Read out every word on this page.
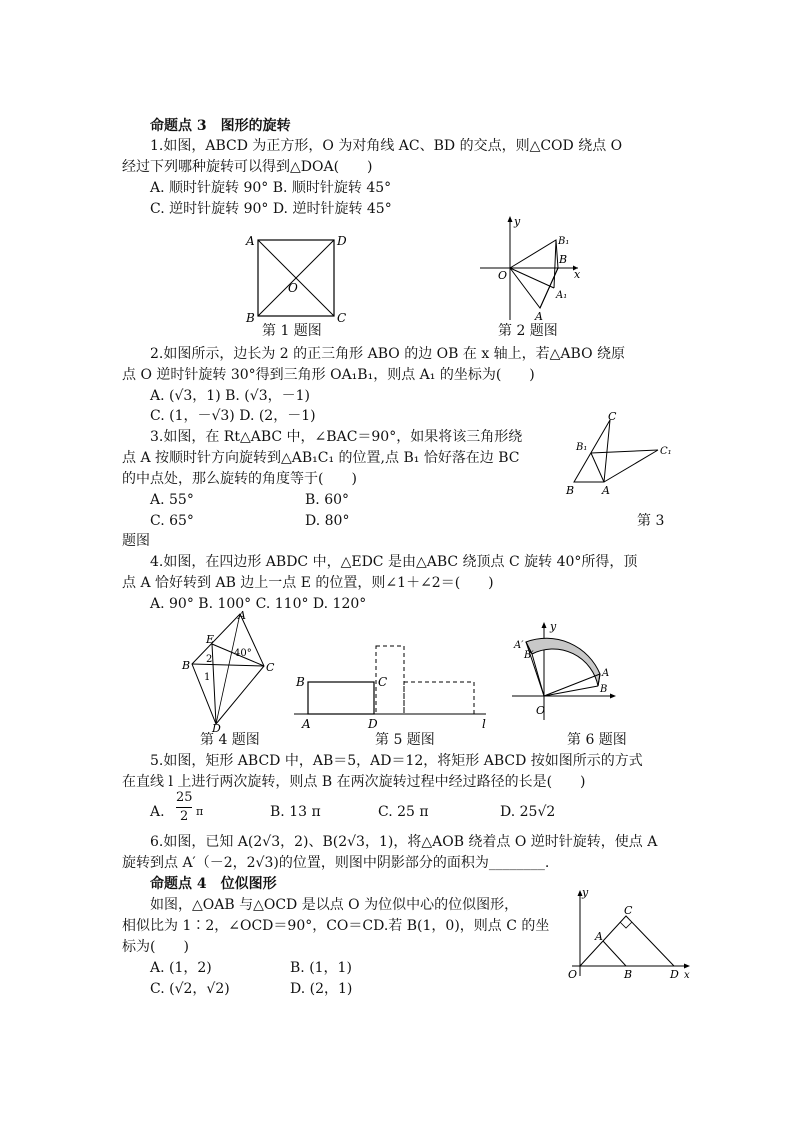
命题点 3　图形的旋转
1.如图，ABCD 为正方形，O 为对角线 AC、BD 的交点，则△COD 绕点 O
经过下列哪种旋转可以得到△DOA(　　)
A. 顺时针旋转 90° B. 顺时针旋转 45°
C. 逆时针旋转 90° D. 逆时针旋转 45°
A	D
O
B	C
第 1 题图
y
B₁
B
x
O
A₁
A
第 2 题图
2.如图所示，边长为 2 的正三角形 ABO 的边 OB 在 x 轴上，若△ABO 绕原
点 O 逆时针旋转 30°得到三角形 OA₁B₁，则点 A₁ 的坐标为(　　)
A. (√3，1) B. (√3，－1)
C. (1，－√3) D. (2，－1)
3.如图，在 Rt△ABC 中，∠BAC＝90°，如果将该三角形绕
点 A 按顺时针方向旋转到△AB₁C₁ 的位置,点 B₁ 恰好落在边 BC
的中点处，那么旋转的角度等于(　　)
A. 55°	B. 60°
C. 65°	D. 80°	第 3
题图
C
B₁	C₁
B	A
4.如图，在四边形 ABDC 中，△EDC 是由△ABC 绕顶点 C 旋转 40°所得，顶
点 A 恰好转到 AB 边上一点 E 的位置，则∠1＋∠2＝(　　)
A. 90° B. 100° C. 110° D. 120°
A
E
2
40°
B
1
C
D
第 4 题图
B	C
A	D	l
第 5 题图
y
A′
B′
A
B
O
第 6 题图
5.如图，矩形 ABCD 中，AB＝5，AD＝12，将矩形 ABCD 按如图所示的方式
在直线 l 上进行两次旋转，则点 B 在两次旋转过程中经过路径的长是(　　)
A.
25
2 π	B. 13 π	C. 25 π	D. 25√2
6.如图，已知 A(2√3，2)、B(2√3，1)，将△AOB 绕着点 O 逆时针旋转，使点 A
旋转到点 A′（－2，2√3)的位置，则图中阴影部分的面积为________.
命题点 4　位似图形
如图，△OAB 与△OCD 是以点 O 为位似中心的位似图形，
相似比为 1∶2，∠OCD＝90°，CO＝CD.若 B(1，0)，则点 C 的坐
标为(　　)
A. (1，2)	B. (1，1)
C. (√2，√2)	D. (2，1)
y
C
A
O	B	D x
